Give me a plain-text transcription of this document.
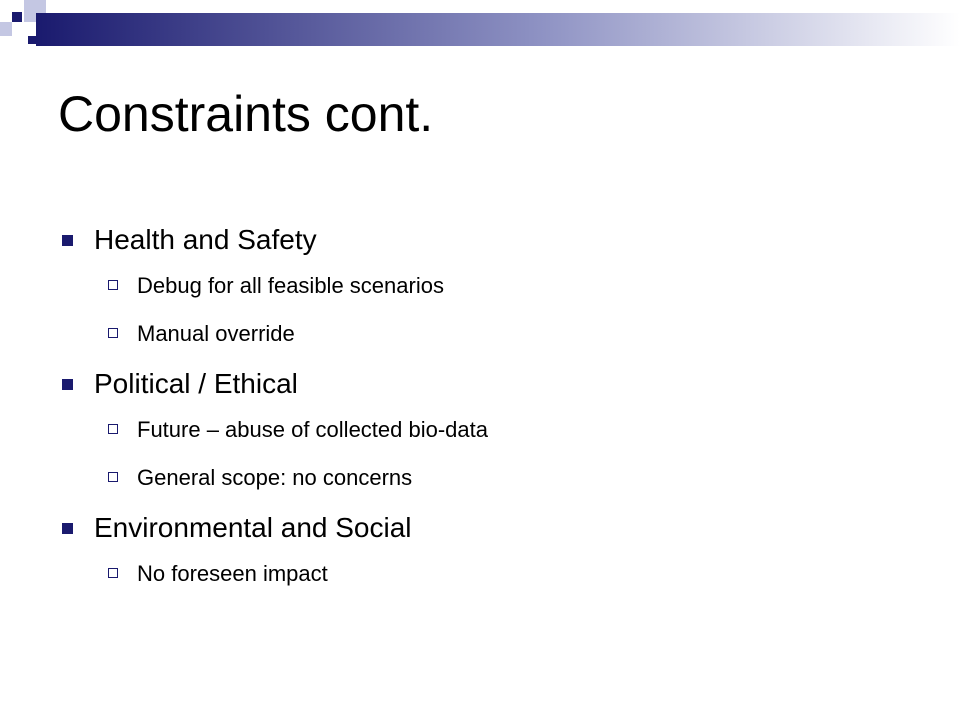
Constraints cont.
Health and Safety
Debug for all feasible scenarios
Manual override
Political / Ethical
Future – abuse of collected bio-data
General scope: no concerns
Environmental and Social
No foreseen impact
